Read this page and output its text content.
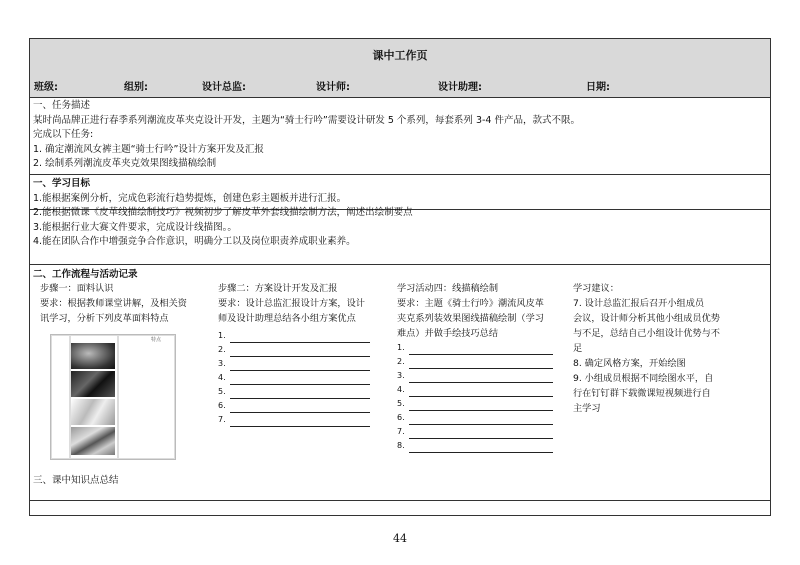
课中工作页
班级:	组别:	设计总监:	设计师:	设计助理:	日期:
一、任务描述
某时尚品牌正进行春季系列潮流皮革夹克设计开发，主题为“骑士行吟”需要设计研发 5 个系列，每套系列 3-4 件产品，款式不限。
完成以下任务:
1. 确定潮流风女裤主题“骑士行吟”设计方案开发及汇报
2. 绘制系列潮流皮革夹克效果图线描稿绘制
一、学习目标
1.能根据案例分析，完成色彩流行趋势提炼，创建色彩主题板并进行汇报。
2.能根据微课《皮革线描绘制技巧》视频初步了解皮革外套线描绘制方法，阐述出绘制要点
3.能根据行业大赛文件要求，完成设计线描图。。
4.能在团队合作中增强竞争合作意识，明确分工以及岗位职责养成职业素养。
二、工作流程与活动记录
步骤一：面料认识
要求：根据教师课堂讲解，及相关资
讯学习，分析下列皮革面料特点
特点
步骤二：方案设计开发及汇报
要求：设计总监汇报设计方案，设计
师及设计助理总结各小组方案优点
1.
2.
3.
4.
5.
6.
7.
学习活动四：线描稿绘制
要求：主题《骑士行吟》潮流风皮革
夹克系列装效果图线描稿绘制（学习
难点）并做手绘技巧总结
1.
2.
3.
4.
5.
6.
7.
8.
学习建议：
7. 设计总监汇报后召开小组成员
会议，设计师分析其他小组成员优势
与不足，总结自己小组设计优势与不
足
8. 确定风格方案，开始绘图
9. 小组成员根据不同绘图水平，自
行在钉钉群下载微课短视频进行自
主学习
三、课中知识点总结
44
